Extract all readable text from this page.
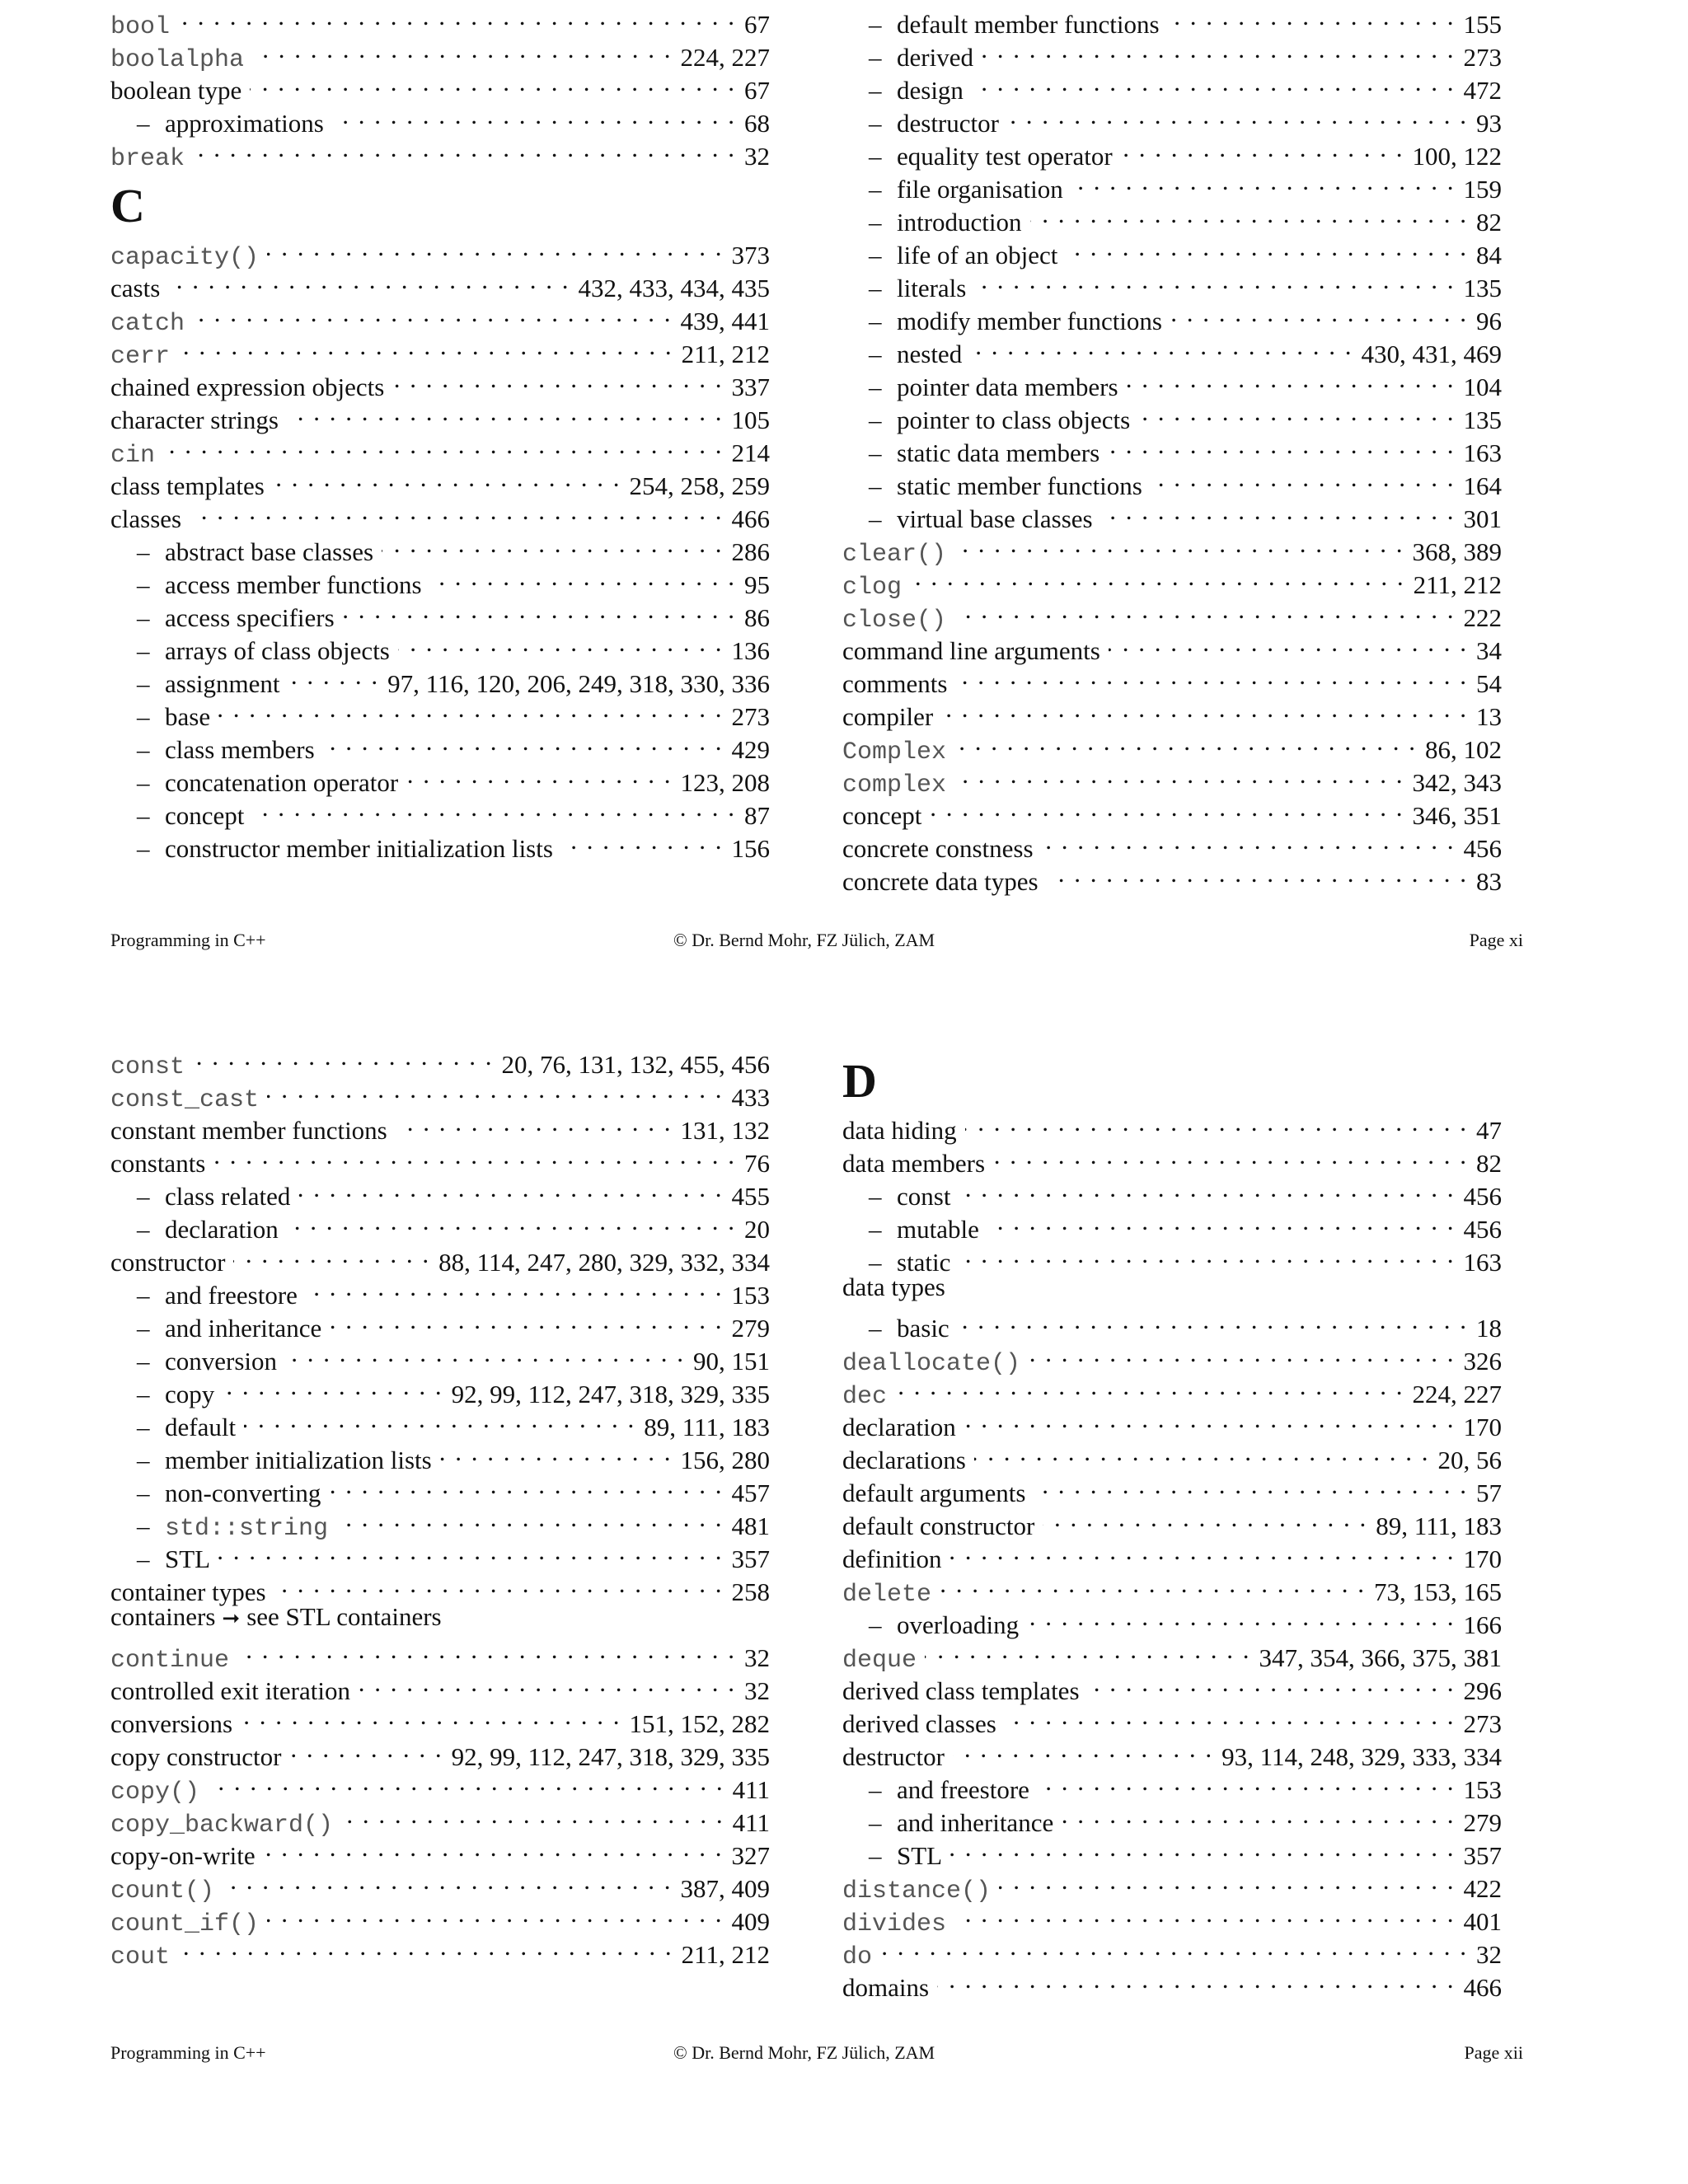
bool . . .	67
boolalpha . . .	224, 227
boolean type . . .	67
– approximations . . .	68
break . . .	32
C
capacity() . . .	373
casts . . .	432, 433, 434, 435
catch . . .	439, 441
cerr . . .	211, 212
chained expression objects . . .	337
character strings . . .	105
cin . . .	214
class templates . . .	254, 258, 259
classes . . .	466
– abstract base classes . . .	286
– access member functions . . .	95
– access specifiers . . .	86
– arrays of class objects . . .	136
– assignment . . .	97, 116, 120, 206, 249, 318, 330, 336
– base . . .	273
– class members . . .	429
– concatenation operator . . .	123, 208
– concept . . .	87
– constructor member initialization lists . . .	156
– default member functions . . .	155
– derived . . .	273
– design . . .	472
– destructor . . .	93
– equality test operator . . .	100, 122
– file organisation . . .	159
– introduction . . .	82
– life of an object . . .	84
– literals . . .	135
– modify member functions . . .	96
– nested . . .	430, 431, 469
– pointer data members . . .	104
– pointer to class objects . . .	135
– static data members . . .	163
– static member functions . . .	164
– virtual base classes . . .	301
clear() . . .	368, 389
clog . . .	211, 212
close() . . .	222
command line arguments . . .	34
comments . . .	54
compiler . . .	13
Complex . . .	86, 102
complex . . .	342, 343
concept . . .	346, 351
concrete constness . . .	456
concrete data types . . .	83
Programming in C++	© Dr. Bernd Mohr, FZ Jülich, ZAM	Page xi
const . . .	20, 76, 131, 132, 455, 456
const_cast . . .	433
constant member functions . . .	131, 132
constants . . .	76
– class related . . .	455
– declaration . . .	20
constructor . . .	88, 114, 247, 280, 329, 332, 334
– and freestore . . .	153
– and inheritance . . .	279
– conversion . . .	90, 151
– copy . . .	92, 99, 112, 247, 318, 329, 335
– default . . .	89, 111, 183
– member initialization lists . . .	156, 280
– non-converting . . .	457
– std::string . . .	481
– STL . . .	357
container types . . .	258
containers ➞ see STL containers
continue . . .	32
controlled exit iteration . . .	32
conversions . . .	151, 152, 282
copy constructor . . .	92, 99, 112, 247, 318, 329, 335
copy() . . .	411
copy_backward() . . .	411
copy-on-write . . .	327
count() . . .	387, 409
count_if() . . .	409
cout . . .	211, 212
D
data hiding . . .	47
data members . . .	82
– const . . .	456
– mutable . . .	456
– static . . .	163
data types
– basic . . .	18
deallocate() . . .	326
dec . . .	224, 227
declaration . . .	170
declarations . . .	20, 56
default arguments . . .	57
default constructor . . .	89, 111, 183
definition . . .	170
delete . . .	73, 153, 165
– overloading . . .	166
deque . . .	347, 354, 366, 375, 381
derived class templates . . .	296
derived classes . . .	273
destructor . . .	93, 114, 248, 329, 333, 334
– and freestore . . .	153
– and inheritance . . .	279
– STL . . .	357
distance() . . .	422
divides . . .	401
do . . .	32
domains . . .	466
Programming in C++	© Dr. Bernd Mohr, FZ Jülich, ZAM	Page xii
